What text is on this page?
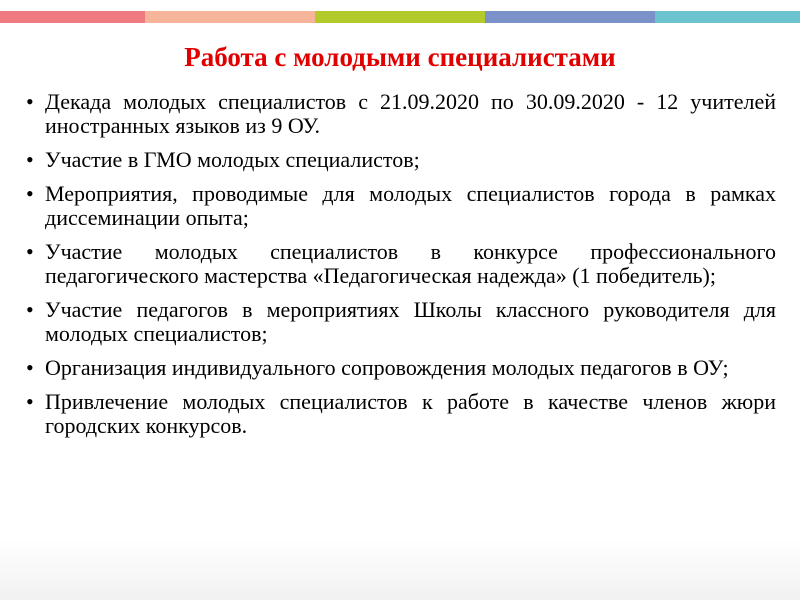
Работа с молодыми специалистами
• Декада молодых специалистов с 21.09.2020 по 30.09.2020 - 12 учителей иностранных языков из 9 ОУ.
• Участие в ГМО молодых специалистов;
• Мероприятия, проводимые для молодых специалистов города в рамках диссеминации опыта;
• Участие молодых специалистов в конкурсе профессионального педагогического мастерства «Педагогическая надежда» (1 победитель);
• Участие педагогов в мероприятиях Школы классного руководителя для молодых специалистов;
• Организация индивидуального сопровождения молодых педагогов в ОУ;
• Привлечение молодых специалистов к работе в качестве членов жюри городских конкурсов.
